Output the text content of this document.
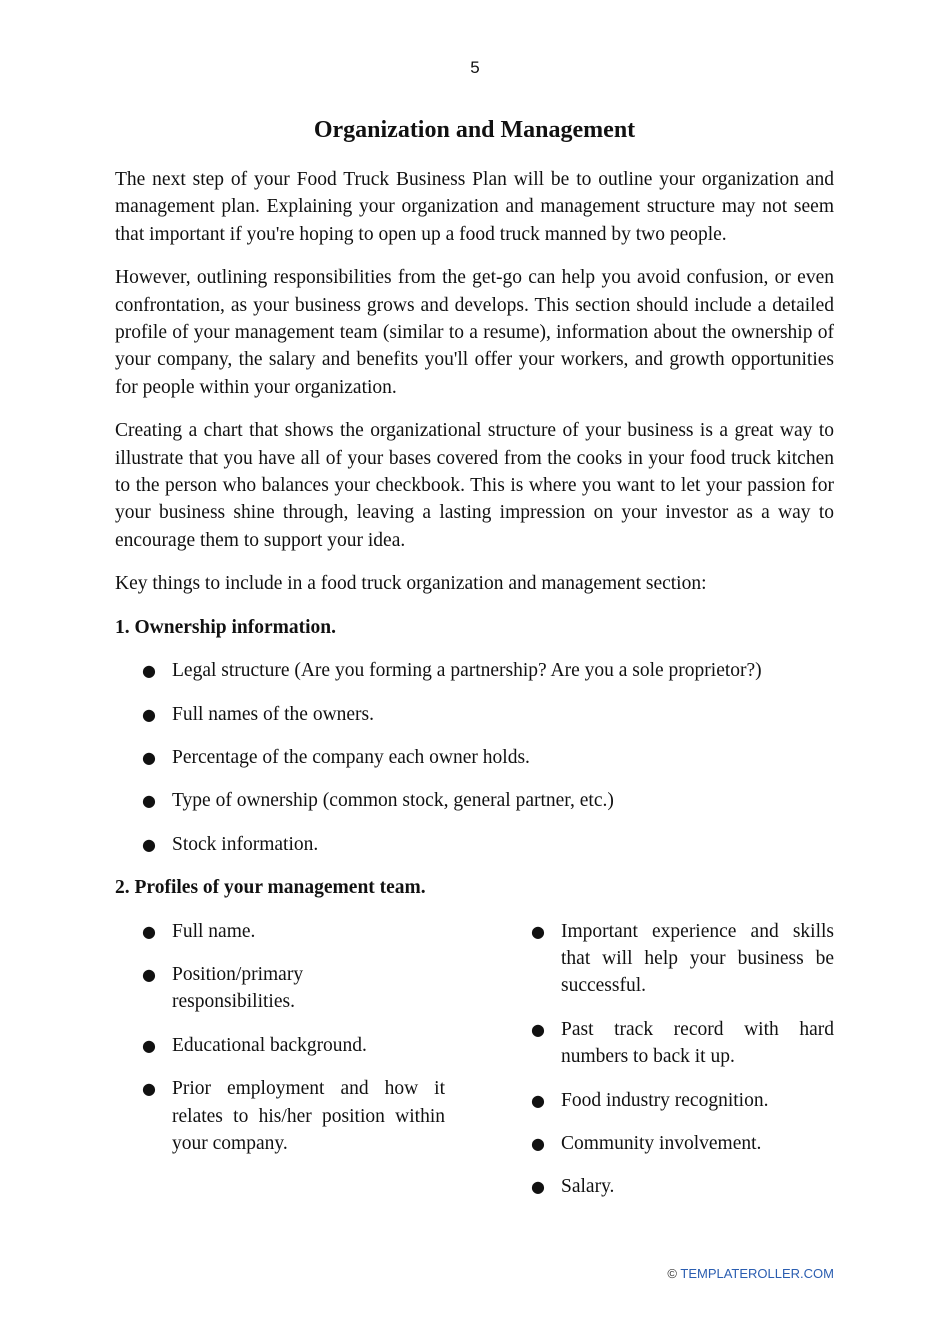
5
Organization and Management

The next step of your Food Truck Business Plan will be to outline your organization and management plan. Explaining your organization and management structure may not seem that important if you're hoping to open up a food truck manned by two people.

However, outlining responsibilities from the get-go can help you avoid confusion, or even confrontation, as your business grows and develops. This section should include a detailed profile of your management team (similar to a resume), information about the ownership of your company, the salary and benefits you'll offer your workers, and growth opportunities for people within your organization.

Creating a chart that shows the organizational structure of your business is a great way to illustrate that you have all of your bases covered from the cooks in your food truck kitchen to the person who balances your checkbook. This is where you want to let your passion for your business shine through, leaving a lasting impression on your investor as a way to encourage them to support your idea.

Key things to include in a food truck organization and management section:

1. Ownership information.

● Legal structure (Are you forming a partnership? Are you a sole proprietor?)
● Full names of the owners.
● Percentage of the company each owner holds.
● Type of ownership (common stock, general partner, etc.)
● Stock information.

2. Profiles of your management team.

● Full name.
● Position/primary responsibilities.
● Educational background.
● Prior employment and how it relates to his/her position within your company.
● Important experience and skills that will help your business be successful.
● Past track record with hard numbers to back it up.
● Food industry recognition.
● Community involvement.
● Salary.
© TEMPLATEROLLER.COM
